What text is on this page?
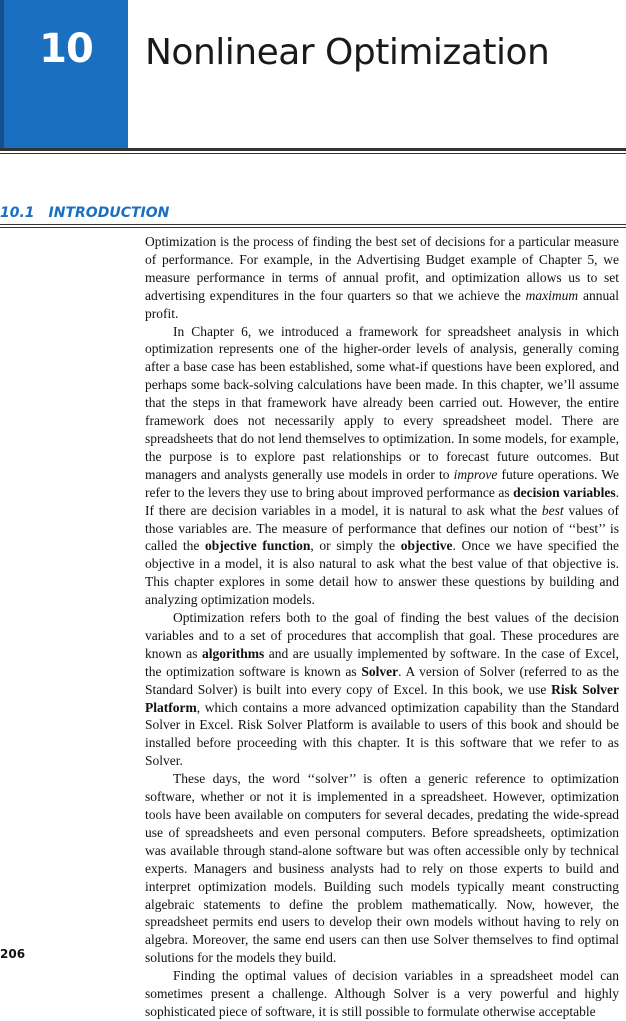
10	Nonlinear Optimization
10.1 INTRODUCTION

Optimization is the process of finding the best set of decisions for a particular measure of performance. For example, in the Advertising Budget example of Chapter 5, we measure performance in terms of annual profit, and optimization allows us to set advertising expenditures in the four quarters so that we achieve the maximum annual profit.

In Chapter 6, we introduced a framework for spreadsheet analysis in which optimization represents one of the higher-order levels of analysis, generally coming after a base case has been established, some what-if questions have been explored, and perhaps some back-solving calculations have been made. In this chapter, we’ll assume that the steps in that framework have already been carried out. However, the entire framework does not necessarily apply to every spreadsheet model. There are spreadsheets that do not lend themselves to optimization. In some models, for example, the purpose is to explore past relationships or to forecast future outcomes. But managers and analysts generally use models in order to improve future operations. We refer to the levers they use to bring about improved performance as decision variables. If there are decision variables in a model, it is natural to ask what the best values of those variables are. The measure of performance that defines our notion of ‘‘best’’ is called the objective function, or simply the objective. Once we have specified the objective in a model, it is also natural to ask what the best value of that objective is. This chapter explores in some detail how to answer these questions by building and analyzing optimization models.

Optimization refers both to the goal of finding the best values of the decision variables and to a set of procedures that accomplish that goal. These procedures are known as algorithms and are usually implemented by software. In the case of Excel, the optimization software is known as Solver. A version of Solver (referred to as the Standard Solver) is built into every copy of Excel. In this book, we use Risk Solver Platform, which contains a more advanced optimization capability than the Standard Solver in Excel. Risk Solver Platform is available to users of this book and should be installed before proceeding with this chapter. It is this software that we refer to as Solver.

These days, the word ‘‘solver’’ is often a generic reference to optimization software, whether or not it is implemented in a spreadsheet. However, optimization tools have been available on computers for several decades, predating the wide-spread use of spreadsheets and even personal computers. Before spreadsheets, optimization was available through stand-alone software but was often accessible only by technical experts. Managers and business analysts had to rely on those experts to build and interpret optimization models. Building such models typically meant constructing algebraic statements to define the problem mathematically. Now, however, the spreadsheet permits end users to develop their own models without having to rely on algebra. Moreover, the same end users can then use Solver themselves to find optimal solutions for the models they build.

Finding the optimal values of decision variables in a spreadsheet model can sometimes present a challenge. Although Solver is a very powerful and highly sophisticated piece of software, it is still possible to formulate otherwise acceptable

206
